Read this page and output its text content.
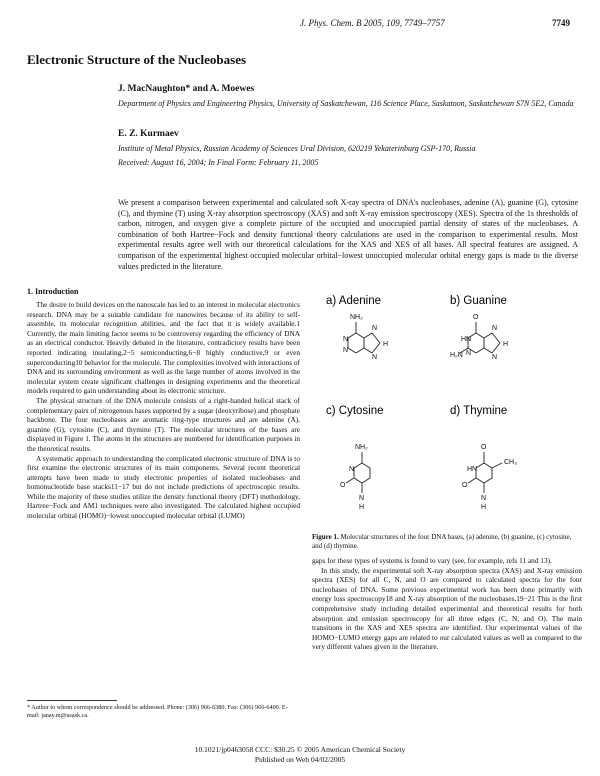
J. Phys. Chem. B 2005, 109, 7749–7757	7749
Electronic Structure of the Nucleobases
J. MacNaughton* and A. Moewes
Department of Physics and Engineering Physics, University of Saskatchewan, 116 Science Place, Saskatoon, Saskatchewan S7N 5E2, Canada
E. Z. Kurmaev
Institute of Metal Physics, Russian Academy of Sciences Ural Division, 620219 Yekaterinburg GSP-170, Russia
Received: August 16, 2004; In Final Form: February 11, 2005
We present a comparison between experimental and calculated soft X-ray spectra of DNA's nucleobases, adenine (A), guanine (G), cytosine (C), and thymine (T) using X-ray absorption spectroscopy (XAS) and soft X-ray emission spectroscopy (XES). Spectra of the 1s thresholds of carbon, nitrogen, and oxygen give a complete picture of the occupied and unoccupied partial density of states of the nucleobases. A combination of both Hartree−Fock and density functional theory calculations are used in the comparison to experimental results. Most experimental results agree well with our theoretical calculations for the XAS and XES of all bases. All spectral features are assigned. A comparison of the experimental highest occupied molecular orbital−lowest unoccupied molecular orbital energy gaps is made to the diverse values predicted in the literature.
1. Introduction

The desire to build devices on the nanoscale has led to an interest in molecular electronics research. DNA may be a suitable candidate for nanowires because of its ability to self-assemble, its molecular recognition abilities, and the fact that it is widely available.1 Currently, the main limiting factor seems to be controversy regarding the efficiency of DNA as an electrical conductor. Heavily debated in the literature, contradictory results have been reported indicating insulating,2−5 semiconducting,6−8 highly conductive,9 or even superconducting10 behavior for the molecule. The complexities involved with interactions of DNA and its surrounding environment as well as the large number of atoms involved in the molecular system create significant challenges in designing experiments and the theoretical models required to gain understanding about its electronic structure.

The physical structure of the DNA molecule consists of a right-handed helical stack of complementary pairs of nitrogenous bases supported by a sugar (deoxyribose) and phosphate backbone. The four nucleobases are aromatic ring-type structures and are adenine (A), guanine (G), cytosine (C), and thymine (T). The molecular structures of the bases are displayed in Figure 1. The atoms in the structures are numbered for identification purposes in the theoretical results.

A systematic approach to understanding the complicated electronic structure of DNA is to first examine the electronic structures of its main components. Several recent theoretical attempts have been made to study electronic properties of isolated nucleobases and homonucleotide base stacks11−17 but do not include predictions of spectroscopic results. While the majority of these studies utilize the density functional theory (DFT) methodology, Hartree−Fock and AM1 techniques were also investigated. The calculated highest occupied molecular orbital (HOMO)−lowest unoccupied molecular orbital (LUMO)

a) Adenine	b) Guanine
c) Cytosine	d) Thymine
NH₂
N
N
N
N
H
O
HN
N
H₂N	N
N
H
NH₂
N
O
N
H
O
HN
O
N
H
CH₃
Figure 1. Molecular structures of the four DNA bases, (a) adenine, (b) guanine, (c) cytosine, and (d) thymine.

gaps for these types of systems is found to vary (see, for example, refs 11 and 13).

In this study, the experimental soft X-ray absorption spectra (XAS) and X-ray emission spectra (XES) for all C, N, and O are compared to calculated spectra for the four nucleobases of DNA. Some previous experimental work has been done primarily with energy loss spectroscopy18 and X-ray absorption of the nucleobases.19−21 This is the first comprehensive study including detailed experimental and theoretical results for both absorption and emission spectroscopy for all three edges (C, N, and O). The main transitions in the XAS and XES spectra are identified. Our experimental values of the HOMO−LUMO energy gaps are related to our calculated values as well as compared to the very different values given in the literature.

* Author to whom correspondence should be addressed. Phone: (306) 966-6380. Fax: (306) 966-6400. E-mail: janay.m@usask.ca.
10.1021/jp0463058 CCC: $30.25 © 2005 American Chemical Society
Published on Web 04/02/2005
